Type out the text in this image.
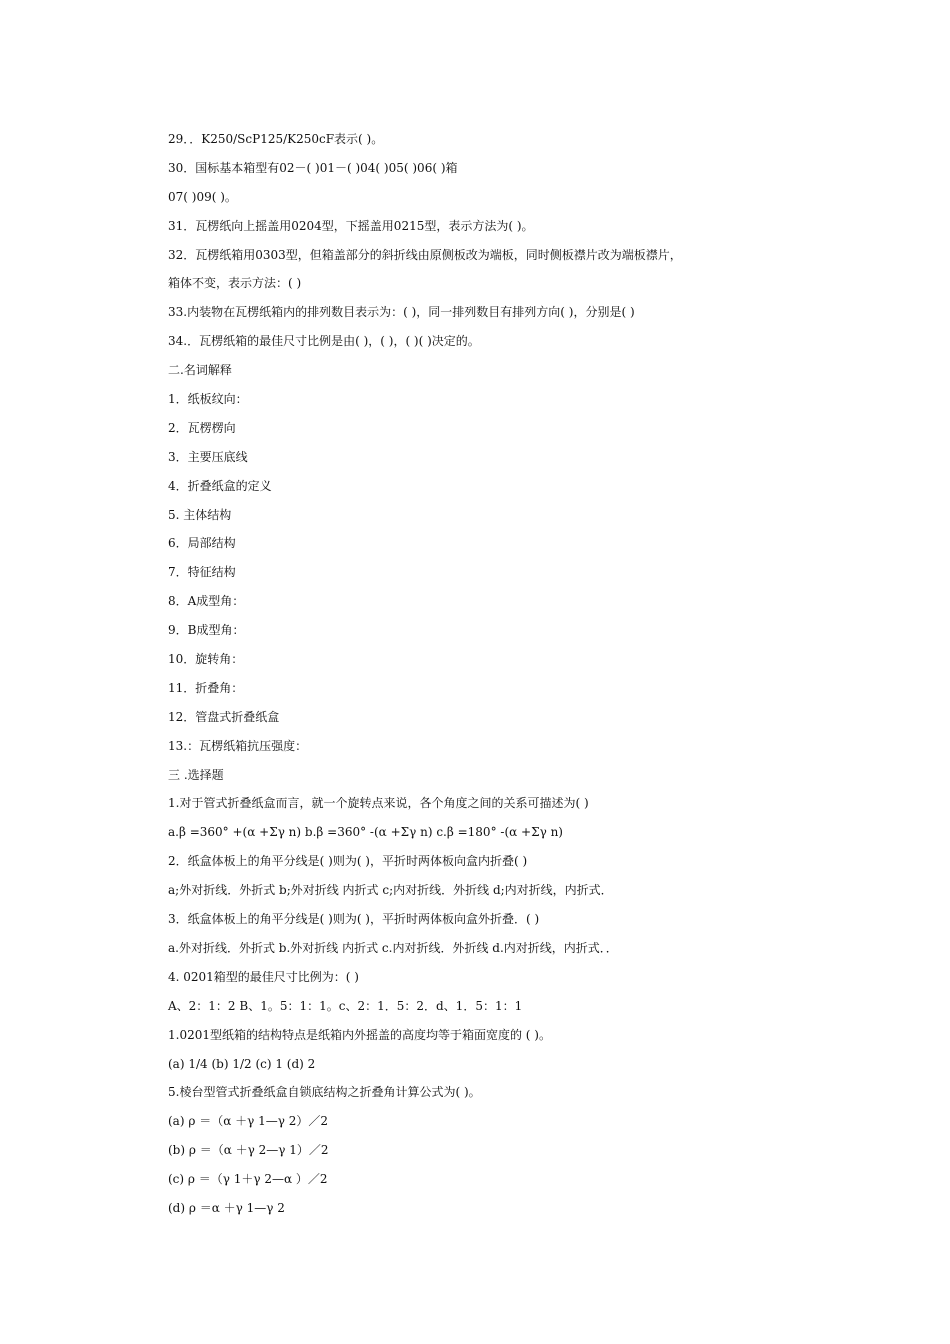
29．．K250/ScP125/K250cF表示( )。
30．国标基本箱型有02－( )01－( )04( )05( )06( )箱
07( )09( )。
31．瓦楞纸向上摇盖用0204型，下摇盖用0215型，表示方法为( )。
32．瓦楞纸箱用0303型，但箱盖部分的斜折线由原侧板改为端板，同时侧板襟片改为端板襟片，
箱体不变，表示方法：( )
33.内装物在瓦楞纸箱内的排列数目表示为：( )，同一排列数目有排列方向( )，分别是( )
34.．瓦楞纸箱的最佳尺寸比例是由( )，( )，( )( )决定的。
二.名词解释
1．纸板纹向：
2．瓦楞楞向
3．主要压底线
4．折叠纸盒的定义
5. 主体结构
6．局部结构
7．特征结构
8．A成型角：
9．B成型角：
10．旋转角：
11．折叠角：
12．管盘式折叠纸盒
13.：瓦楞纸箱抗压强度：
三 .选择题
1.对于管式折叠纸盒而言，就一个旋转点来说，各个角度之间的关系可描述为( )
a.β =360° +(α +Σγ n) b.β =360° -(α +Σγ n) c.β =180° -(α +Σγ n)
2．纸盒体板上的角平分线是( )则为( )，平折时两体板向盒内折叠( )
a;外对折线．外折式 b;外对折线 内折式 c;内对折线．外折线 d;内对折线，内折式．
3．纸盒体板上的角平分线是( )则为( )，平折时两体板向盒外折叠．( )
a.外对折线．外折式 b.外对折线 内折式 c.内对折线．外折线 d.内对折线，内折式．．
4. 0201箱型的最佳尺寸比例为：( )
A、2：1：2 B、1。5：1：1。c、2：1．5：2．d、1．5：1：1
1.0201型纸箱的结构特点是纸箱内外摇盖的高度均等于箱面宽度的 ( )。
(a) 1/4 (b) 1/2 (c) 1 (d) 2
5.棱台型管式折叠纸盒自锁底结构之折叠角计算公式为( )。
(a) ρ ＝（α ＋γ 1—γ 2）／2
(b) ρ ＝（α ＋γ 2—γ 1）／2
(c) ρ ＝（γ 1＋γ 2—α ）／2
(d) ρ ＝α ＋γ 1—γ 2
